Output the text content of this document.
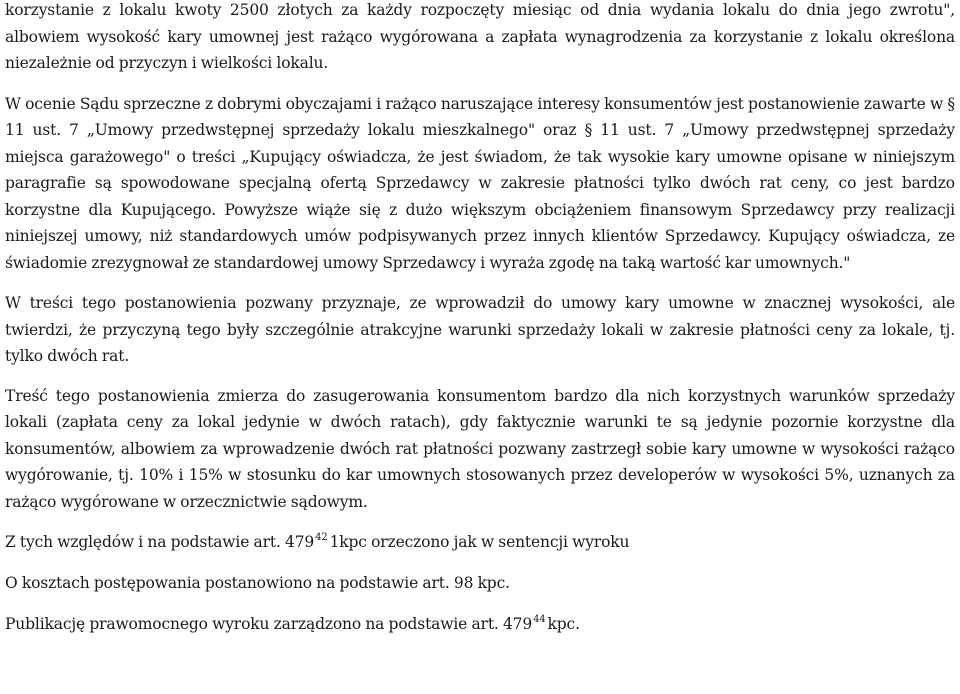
korzystanie z lokalu kwoty 2500 złotych za każdy rozpoczęty miesiąc od dnia wydania lokalu do dnia jego zwrotu", albowiem wysokość kary umownej jest rażąco wygórowana a zapłata wynagrodzenia za korzystanie z lokalu określona niezależnie od przyczyn i wielkości lokalu.

W ocenie Sądu sprzeczne z dobrymi obyczajami i rażąco naruszające interesy konsumentów jest postanowienie zawarte w § 11 ust. 7 „Umowy przedwstępnej sprzedaży lokalu mieszkalnego" oraz § 11 ust. 7 „Umowy przedwstępnej sprzedaży miejsca garażowego" o treści „Kupujący oświadcza, że jest świadom, że tak wysokie kary umowne opisane w niniejszym paragrafie są spowodowane specjalną ofertą Sprzedawcy w zakresie płatności tylko dwóch rat ceny, co jest bardzo korzystne dla Kupującego. Powyższe wiąże się z dużo większym obciążeniem finansowym Sprzedawcy przy realizacji niniejszej umowy, niż standardowych umów podpisywanych przez innych klientów Sprzedawcy. Kupujący oświadcza, ze świadomie zrezygnował ze standardowej umowy Sprzedawcy i wyraża zgodę na taką wartość kar umownych."

W treści tego postanowienia pozwany przyznaje, ze wprowadził do umowy kary umowne w znacznej wysokości, ale twierdzi, że przyczyną tego były szczególnie atrakcyjne warunki sprzedaży lokali w zakresie płatności ceny za lokale, tj. tylko dwóch rat.

Treść tego postanowienia zmierza do zasugerowania konsumentom bardzo dla nich korzystnych warunków sprzedaży lokali (zapłata ceny za lokal jedynie w dwóch ratach), gdy faktycznie warunki te są jedynie pozornie korzystne dla konsumentów, albowiem za wprowadzenie dwóch rat płatności pozwany zastrzegł sobie kary umowne w wysokości rażąco wygórowanie, tj. 10% i 15% w stosunku do kar umownych stosowanych przez developerów w wysokości 5%, uznanych za rażąco wygórowane w orzecznictwie sądowym.

Z tych względów i na podstawie art. 479$^{42}$ 1kpc orzeczono jak w sentencji wyroku

O kosztach postępowania postanowiono na podstawie art. 98 kpc.

Publikację prawomocnego wyroku zarządzono na podstawie art. 479$^{44}$ kpc.
